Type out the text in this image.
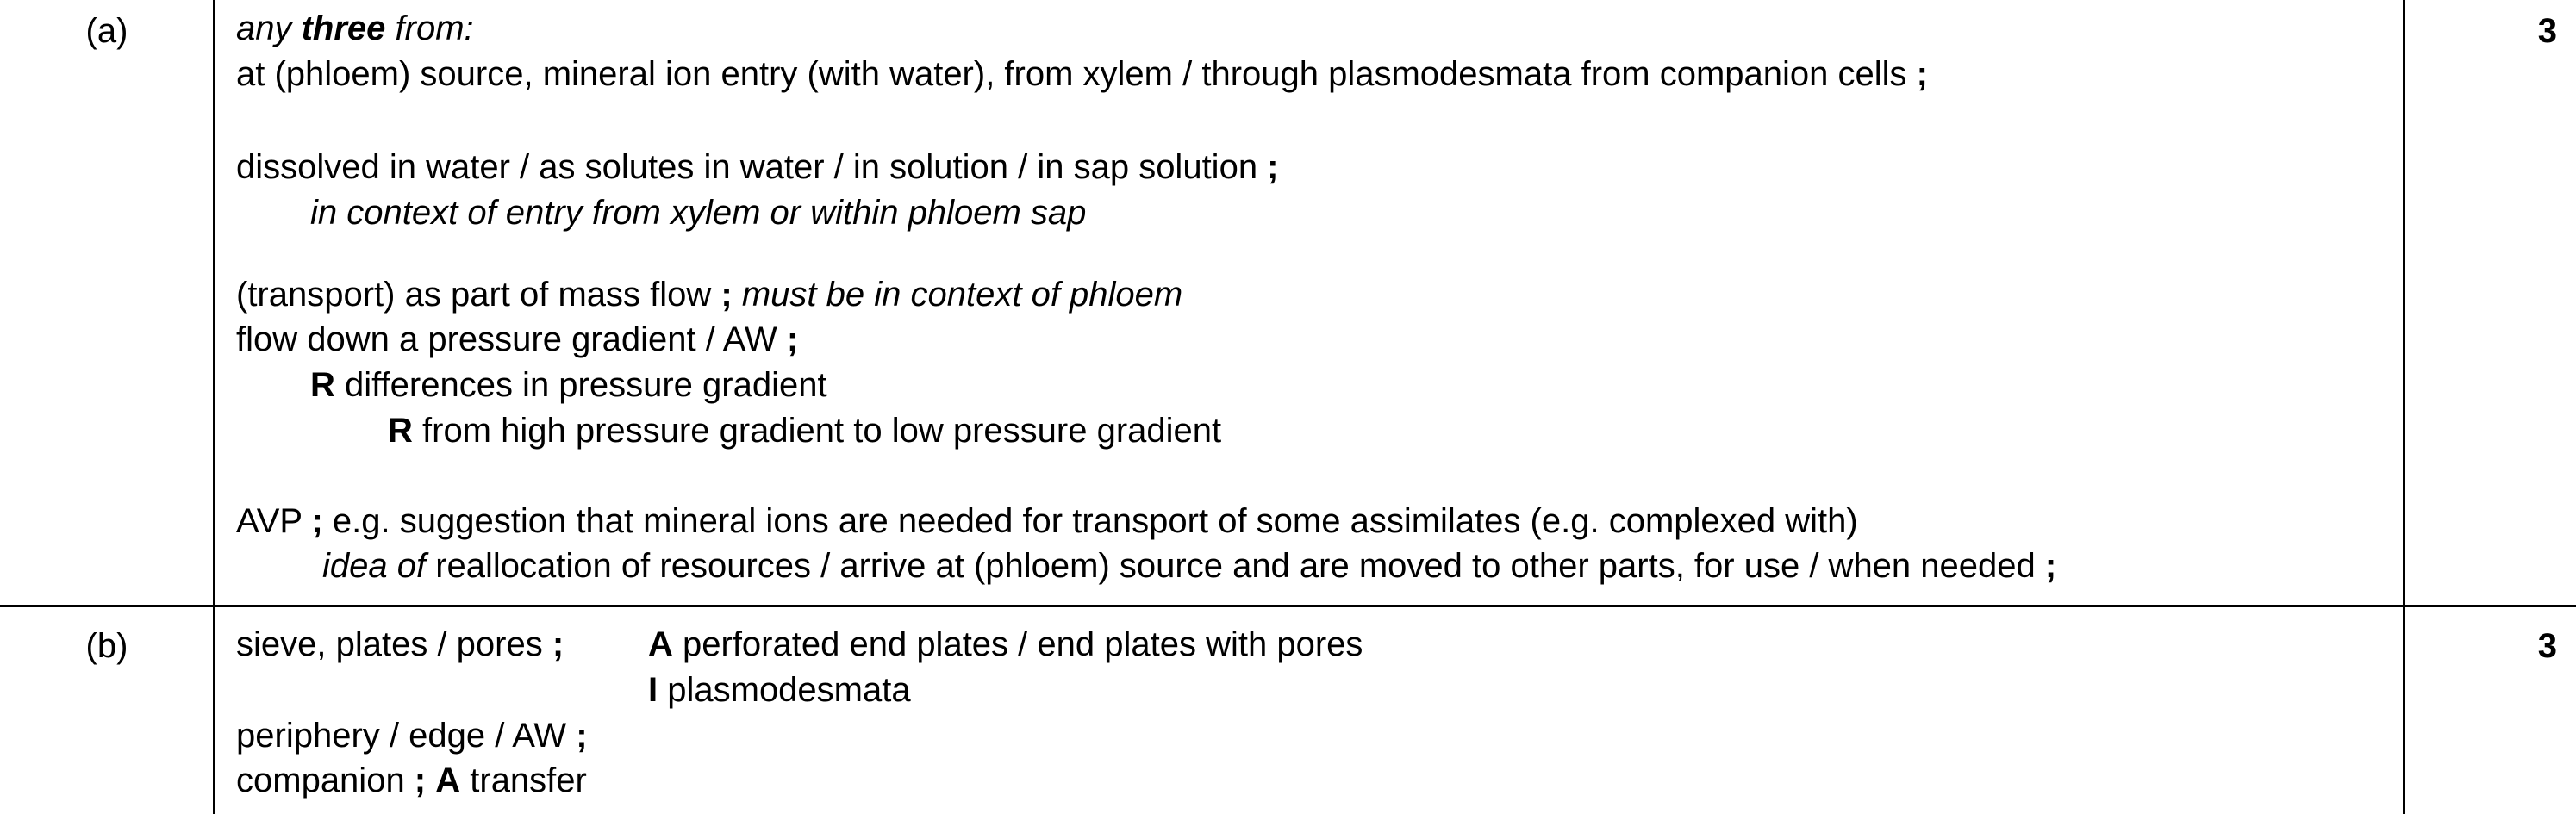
(a)	3
any three from:
at (phloem) source, mineral ion entry (with water), from xylem / through plasmodesmata from companion cells ;
dissolved in water / as solutes in water / in solution / in sap solution ;
in context of entry from xylem or within phloem sap
(transport) as part of mass flow ; must be in context of phloem
flow down a pressure gradient / AW ;
R differences in pressure gradient
R from high pressure gradient to low pressure gradient
AVP ; e.g. suggestion that mineral ions are needed for transport of some assimilates (e.g. complexed with)
idea of reallocation of resources / arrive at (phloem) source and are moved to other parts, for use / when needed ;
(b)	3
sieve, plates / pores ; A perforated end plates / end plates with pores
I plasmodesmata
periphery / edge / AW ;
companion ; A transfer
